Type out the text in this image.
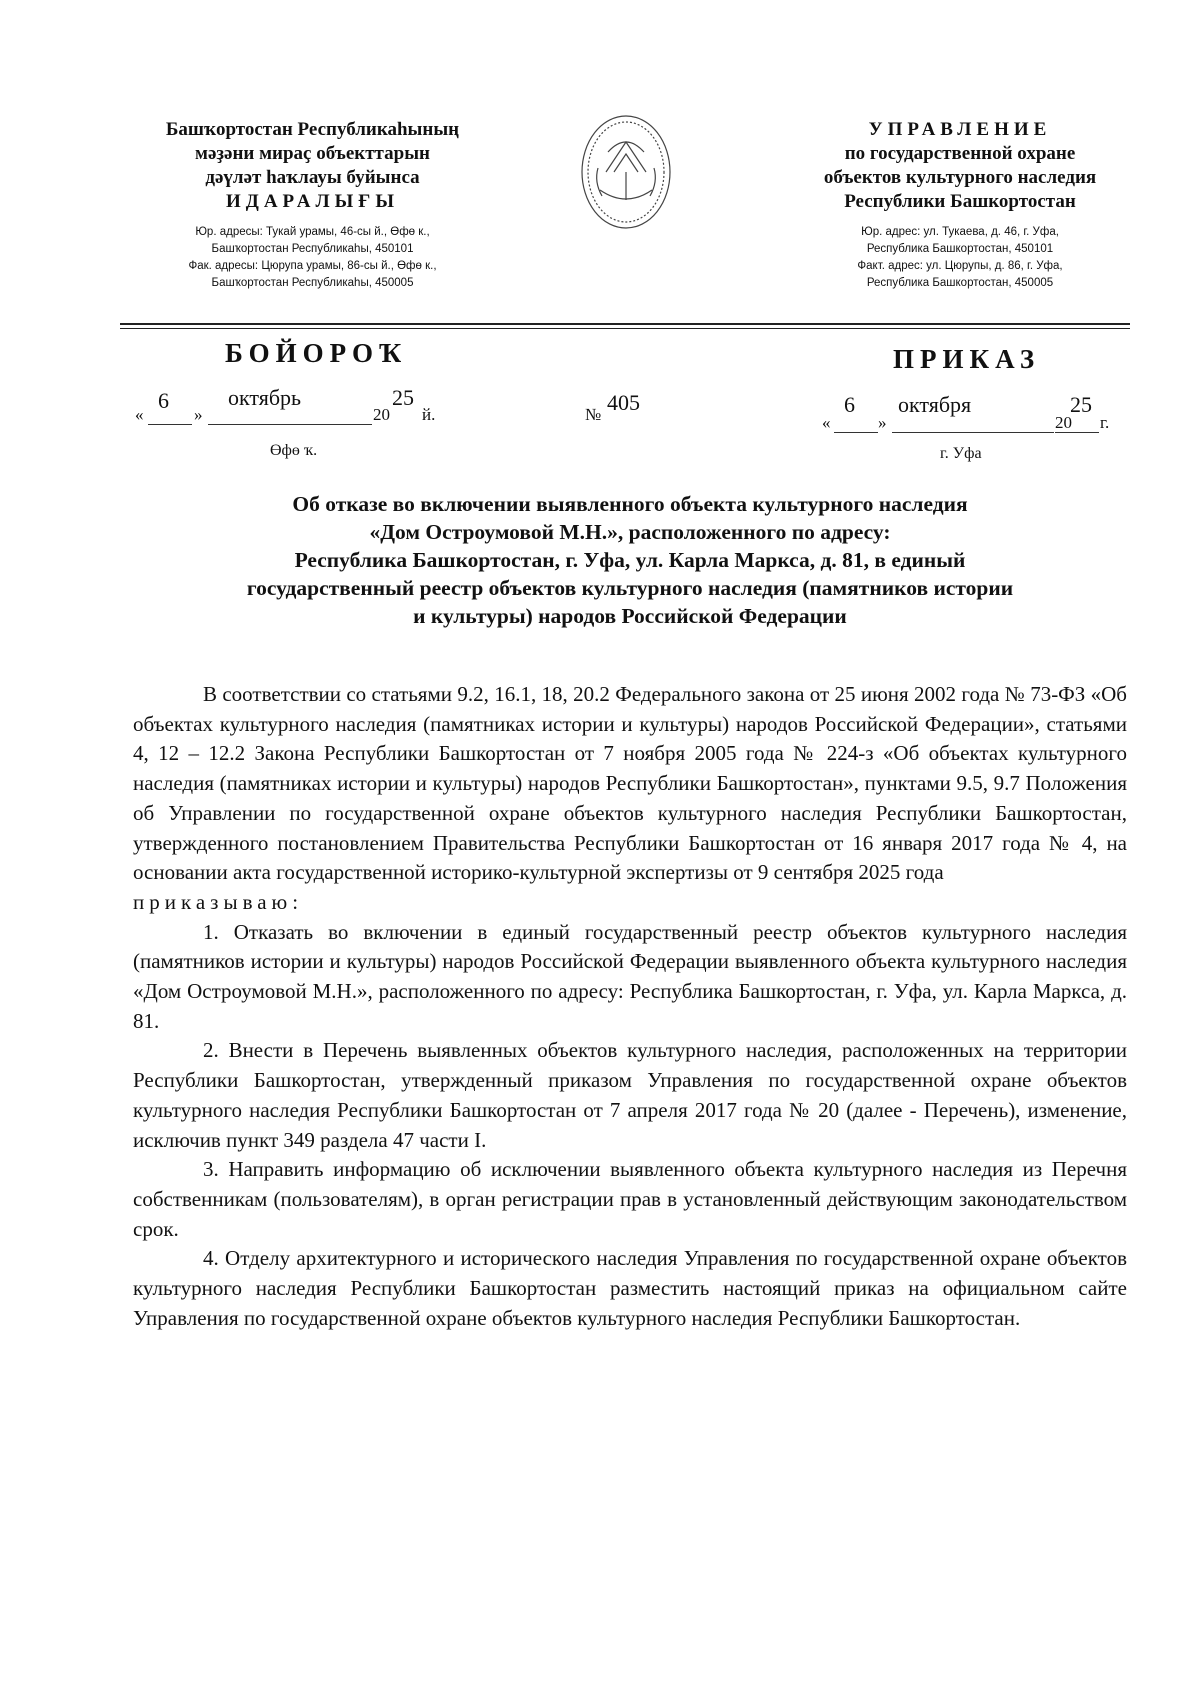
Башҡортостан Республикаһының
мәҙәни мираҫ объекттарын
дәүләт һаҡлауы буйынса
ИДАРАЛЫҒЫ
Юр. адресы: Тукай урамы, 46-сы й., Өфө к.,
Башҡортостан Республикаһы, 450101
Фак. адресы: Цюрупа урамы, 86-сы й., Өфө к.,
Башҡортостан Республикаһы, 450005
УПРАВЛЕНИЕ
по государственной охране
объектов культурного наследия
Республики Башкортостан
Юр. адрес: ул. Тукаева, д. 46, г. Уфа,
Республика Башкортостан, 450101
Факт. адрес: ул. Цюрупы, д. 86, г. Уфа,
Республика Башкортостан, 450005
БОЙОРОҠ	ПРИКАЗ
«
6
»
октябрь
20
25
й.	№ 405
«
6
»
октября
20
25
г.
Өфө ҡ.	г. Уфа
Об отказе во включении выявленного объекта культурного наследия
«Дом Остроумовой М.Н.», расположенного по адресу:
Республика Башкортостан, г. Уфа, ул. Карла Маркса, д. 81, в единый
государственный реестр объектов культурного наследия (памятников истории
и культуры) народов Российской Федерации

В соответствии со статьями 9.2, 16.1, 18, 20.2 Федерального закона от 25 июня 2002 года № 73-ФЗ «Об объектах культурного наследия (памятниках истории и культуры) народов Российской Федерации», статьями 4, 12 – 12.2 Закона Республики Башкортостан от 7 ноября 2005 года № 224-з «Об объектах культурного наследия (памятниках истории и культуры) народов Республики Башкортостан», пунктами 9.5, 9.7 Положения об Управлении по государственной охране объектов культурного наследия Республики Башкортостан, утвержденного постановлением Правительства Республики Башкортостан от 16 января 2017 года № 4, на основании акта государственной историко-культурной экспертизы от 9 сентября 2025 года

приказываю:

1. Отказать во включении в единый государственный реестр объектов культурного наследия (памятников истории и культуры) народов Российской Федерации выявленного объекта культурного наследия «Дом Остроумовой М.Н.», расположенного по адресу: Республика Башкортостан, г. Уфа, ул. Карла Маркса, д. 81.

2. Внести в Перечень выявленных объектов культурного наследия, расположенных на территории Республики Башкортостан, утвержденный приказом Управления по государственной охране объектов культурного наследия Республики Башкортостан от 7 апреля 2017 года № 20 (далее - Перечень), изменение, исключив пункт 349 раздела 47 части I.

3. Направить информацию об исключении выявленного объекта культурного наследия из Перечня собственникам (пользователям), в орган регистрации прав в установленный действующим законодательством срок.

4. Отделу архитектурного и исторического наследия Управления по государственной охране объектов культурного наследия Республики Башкортостан разместить настоящий приказ на официальном сайте Управления по государственной охране объектов культурного наследия Республики Башкортостан.
